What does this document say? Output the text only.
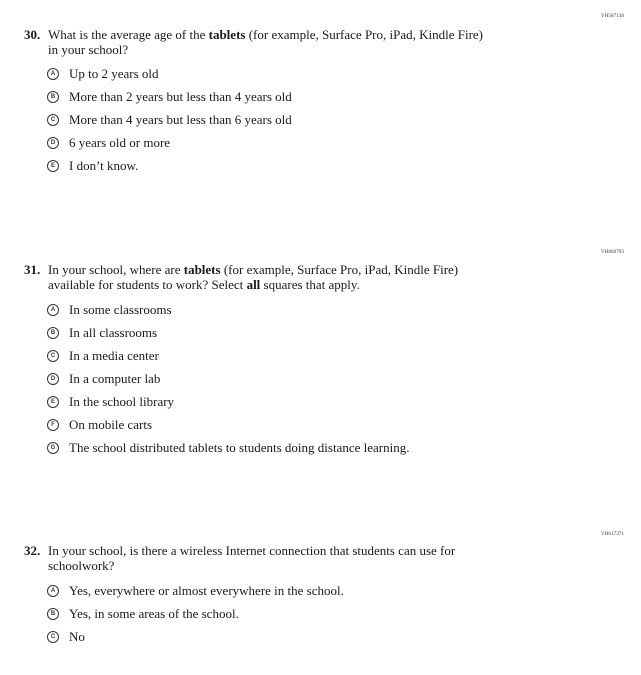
VH587138
30. What is the average age of the tablets (for example, Surface Pro, iPad, Kindle Fire)
in your school?
A Up to 2 years old
B More than 2 years but less than 4 years old
C More than 4 years but less than 6 years old
D 6 years old or more
E	I don’t know.
VH860793
31. In your school, where are tablets (for example, Surface Pro, iPad, Kindle Fire)
available for students to work? Select all squares that apply.
A In some classrooms
B In all classrooms
C In a media center
D In a computer lab
E	In the school library
F	On mobile carts
G The school distributed tablets to students doing distance learning.
VH617371
32. In your school, is there a wireless Internet connection that students can use for
schoolwork?
A Yes, everywhere or almost everywhere in the school.
B Yes, in some areas of the school.
C No
